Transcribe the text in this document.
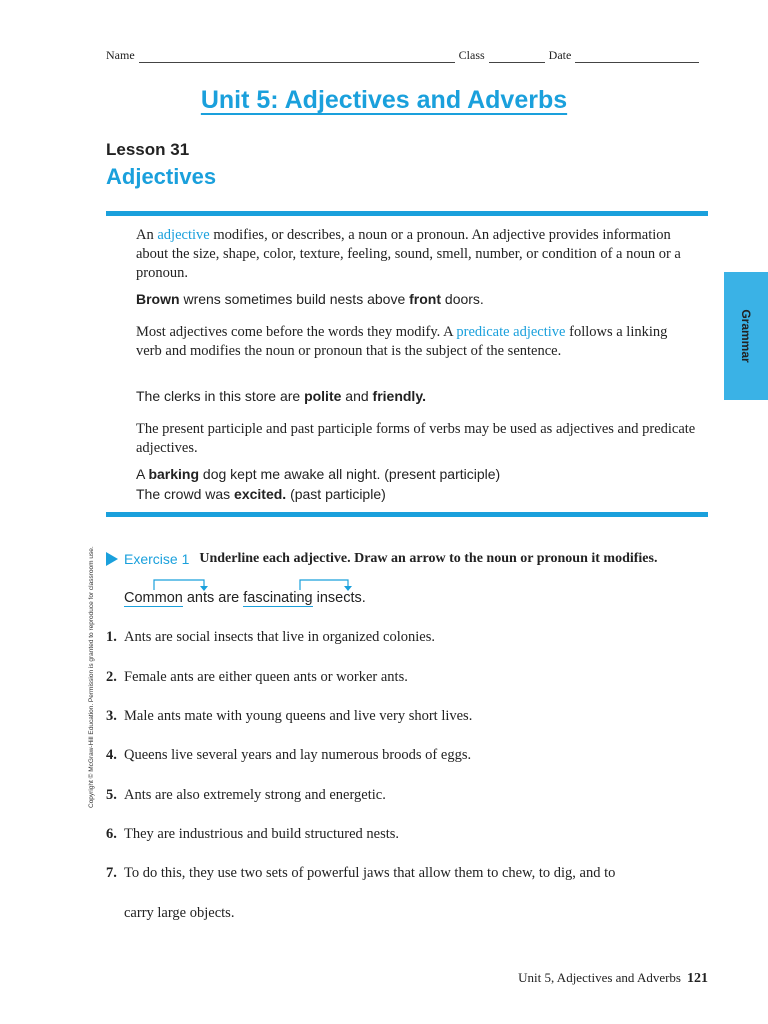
Name	Class	Date
Unit 5: Adjectives and Adverbs
Lesson 31
Adjectives
Grammar
Copyright © McGraw-Hill Education. Permission is granted to reproduce for classroom use.
An adjective modifies, or describes, a noun or a pronoun. An adjective provides information about the size, shape, color, texture, feeling, sound, smell, number, or condition of a noun or a pronoun.
Brown wrens sometimes build nests above front doors.
Most adjectives come before the words they modify. A predicate adjective follows a linking verb and modifies the noun or pronoun that is the subject of the sentence.
The clerks in this store are polite and friendly.
The present participle and past participle forms of verbs may be used as adjectives and predicate adjectives.
A barking dog kept me awake all night. (present participle)
The crowd was excited. (past participle)
Exercise 1 Underline each adjective. Draw an arrow to the noun or pronoun it modifies.
Common ants are fascinating insects.
1. Ants are social insects that live in organized colonies.
2. Female ants are either queen ants or worker ants.
3. Male ants mate with young queens and live very short lives.
4. Queens live several years and lay numerous broods of eggs.
5. Ants are also extremely strong and energetic.
6. They are industrious and build structured nests.
7. To do this, they use two sets of powerful jaws that allow them to chew, to dig, and to
carry large objects.
Unit 5, Adjectives and Adverbs 121
